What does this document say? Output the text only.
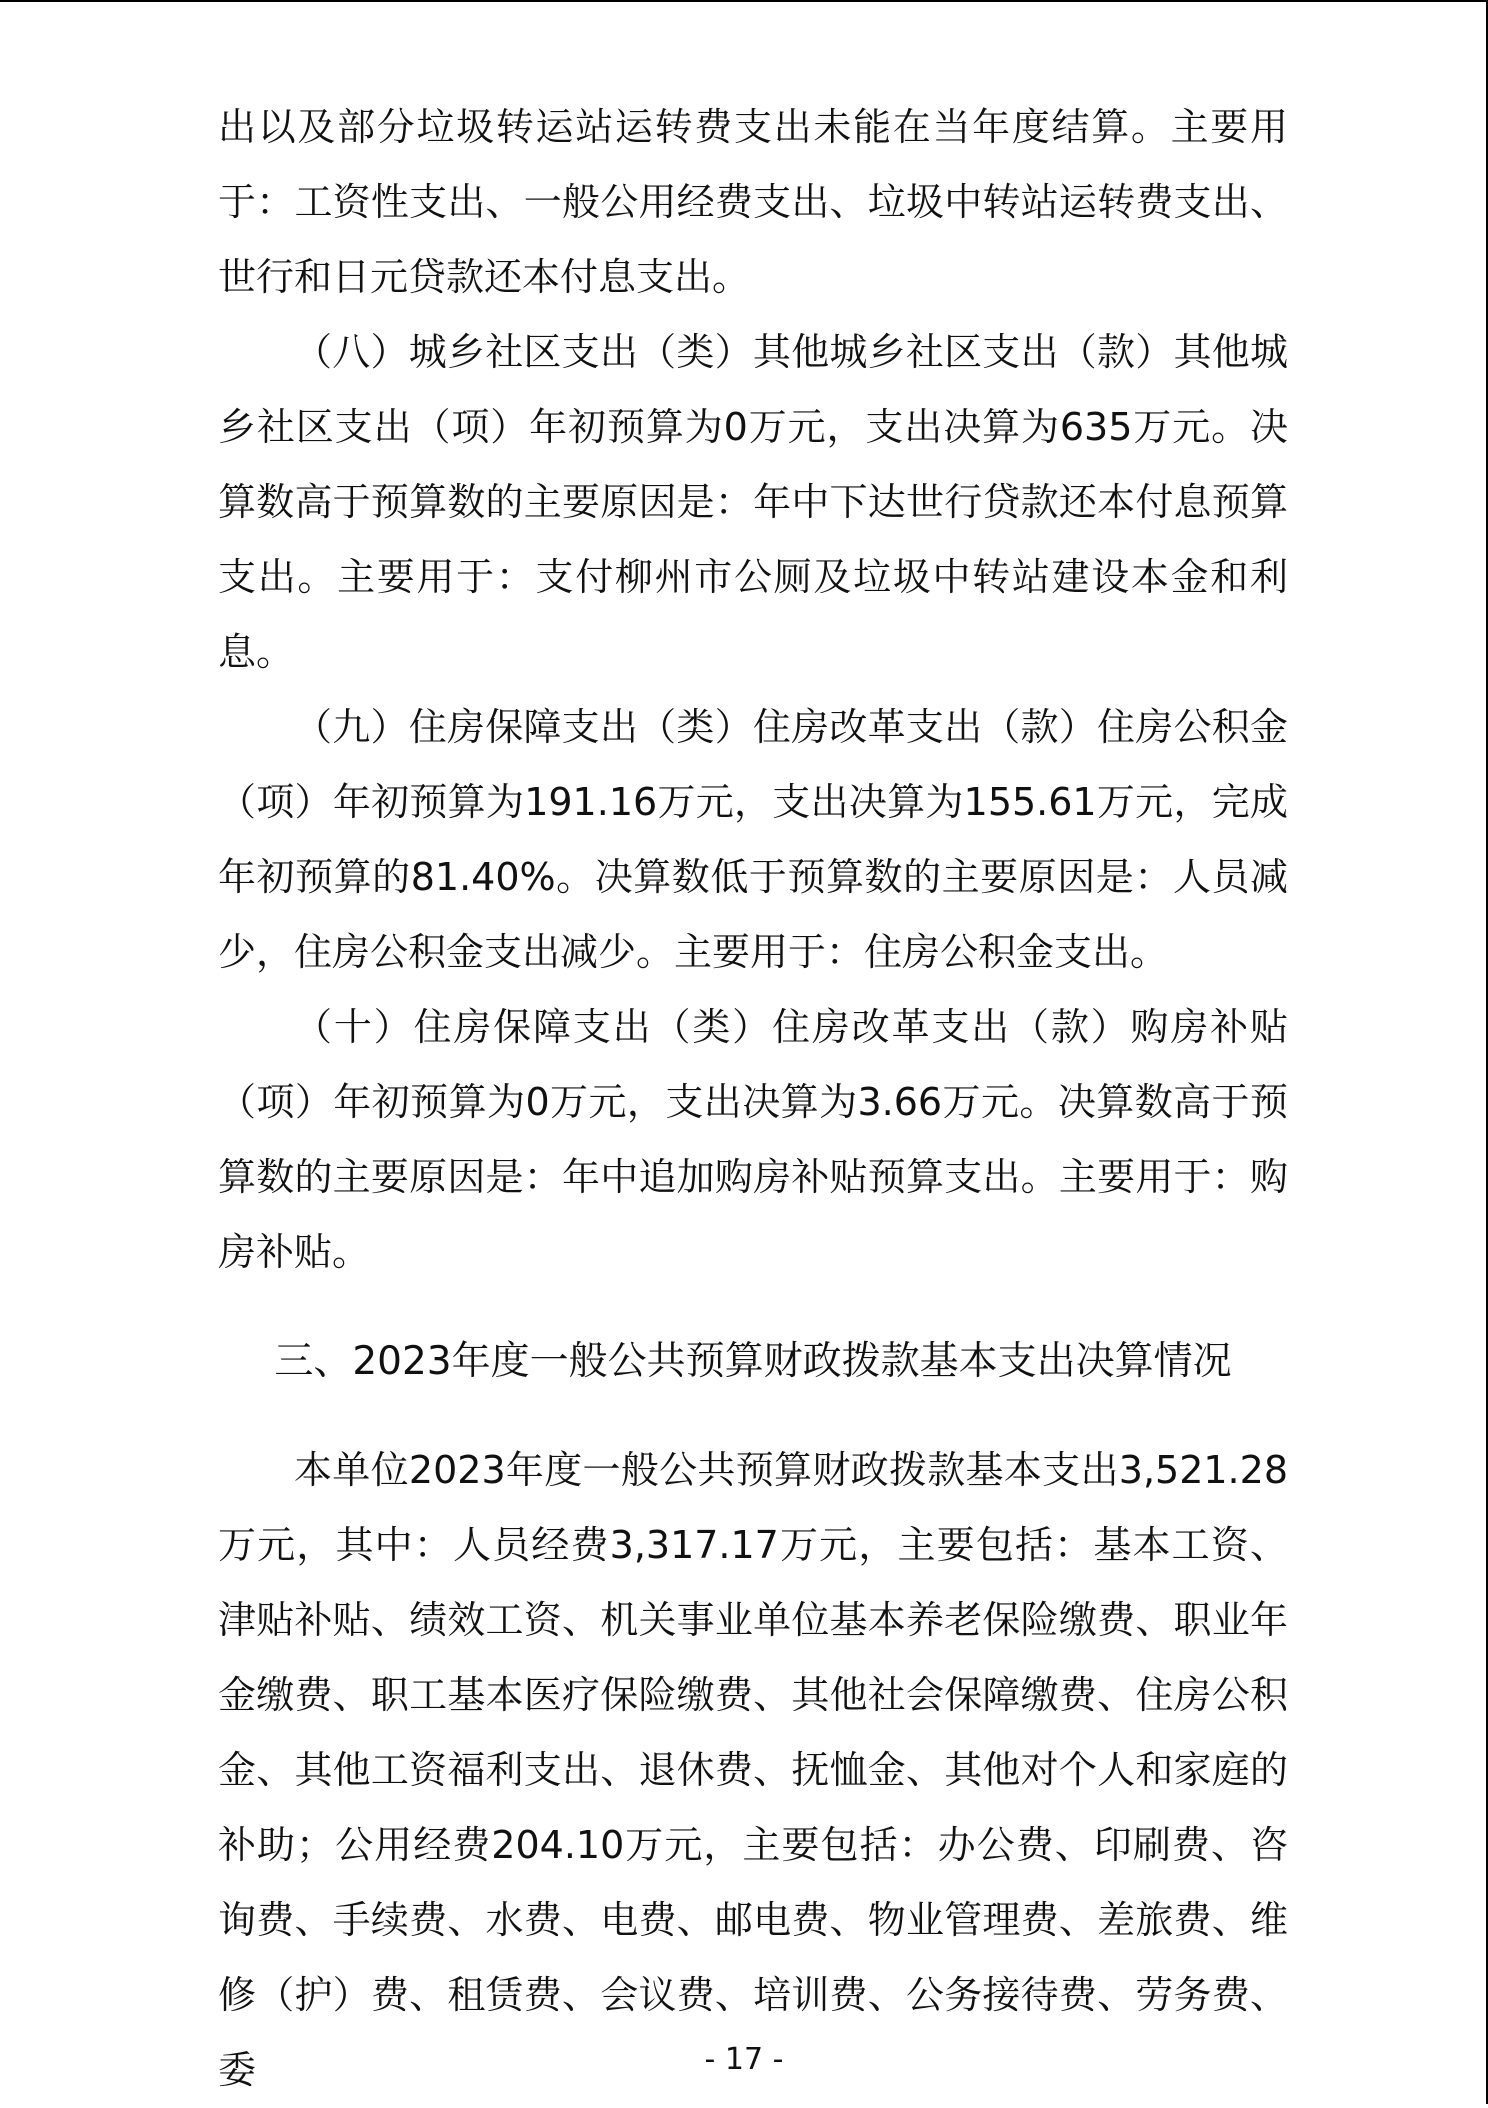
出以及部分垃圾转运站运转费支出未能在当年度结算。主要用于：工资性支出、一般公用经费支出、垃圾中转站运转费支出、世行和日元贷款还本付息支出。

（八）城乡社区支出（类）其他城乡社区支出（款）其他城乡社区支出（项）年初预算为0万元，支出决算为635万元。决算数高于预算数的主要原因是：年中下达世行贷款还本付息预算支出。主要用于：支付柳州市公厕及垃圾中转站建设本金和利息。

（九）住房保障支出（类）住房改革支出（款）住房公积金（项）年初预算为191.16万元，支出决算为155.61万元，完成年初预算的81.40%。决算数低于预算数的主要原因是：人员减少，住房公积金支出减少。主要用于：住房公积金支出。

（十）住房保障支出（类）住房改革支出（款）购房补贴（项）年初预算为0万元，支出决算为3.66万元。决算数高于预算数的主要原因是：年中追加购房补贴预算支出。主要用于：购房补贴。

三、2023年度一般公共预算财政拨款基本支出决算情况

本单位2023年度一般公共预算财政拨款基本支出3,521.28万元，其中：人员经费3,317.17万元，主要包括：基本工资、津贴补贴、绩效工资、机关事业单位基本养老保险缴费、职业年金缴费、职工基本医疗保险缴费、其他社会保障缴费、住房公积金、其他工资福利支出、退休费、抚恤金、其他对个人和家庭的补助；公用经费204.10万元，主要包括：办公费、印刷费、咨询费、手续费、水费、电费、邮电费、物业管理费、差旅费、维修（护）费、租赁费、会议费、培训费、公务接待费、劳务费、委	- 17 -
